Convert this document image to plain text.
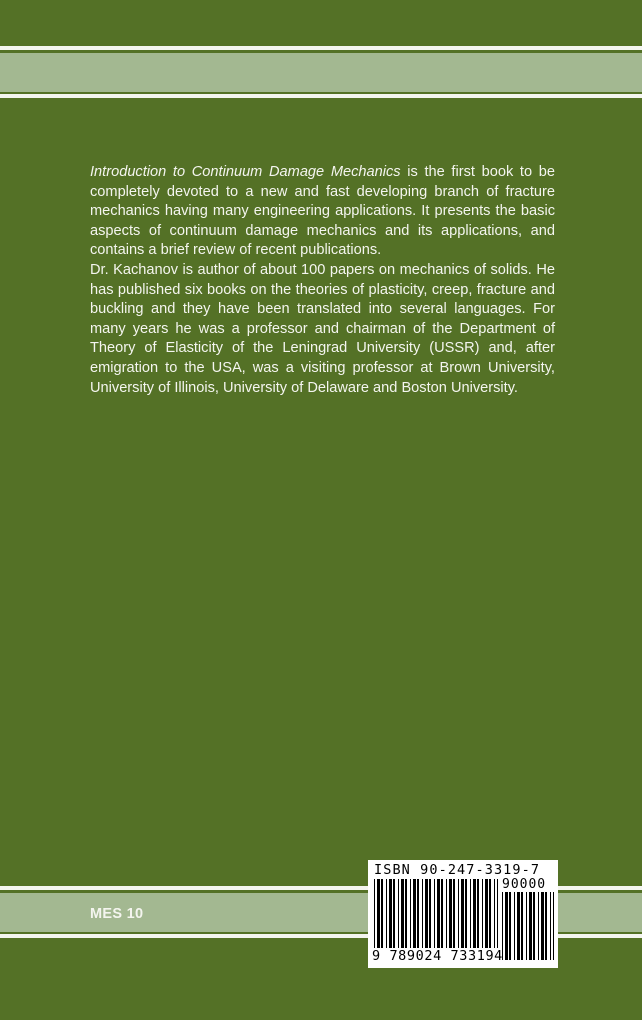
Introduction to Continuum Damage Mechanics is the first book to be completely devoted to a new and fast developing branch of fracture mechanics having many engineering applications. It presents the basic aspects of continuum damage mechanics and its applications, and contains a brief review of recent publications.

Dr. Kachanov is author of about 100 papers on mechanics of solids. He has published six books on the theories of plasticity, creep, fracture and buckling and they have been translated into several languages. For many years he was a professor and chairman of the Department of Theory of Elasticity of the Leningrad University (USSR) and, after emigration to the USA, was a visiting professor at Brown University, University of Illinois, University of Delaware and Boston University.

MES 10
ISBN 90-247-3319-7
90000
9 789024 733194
